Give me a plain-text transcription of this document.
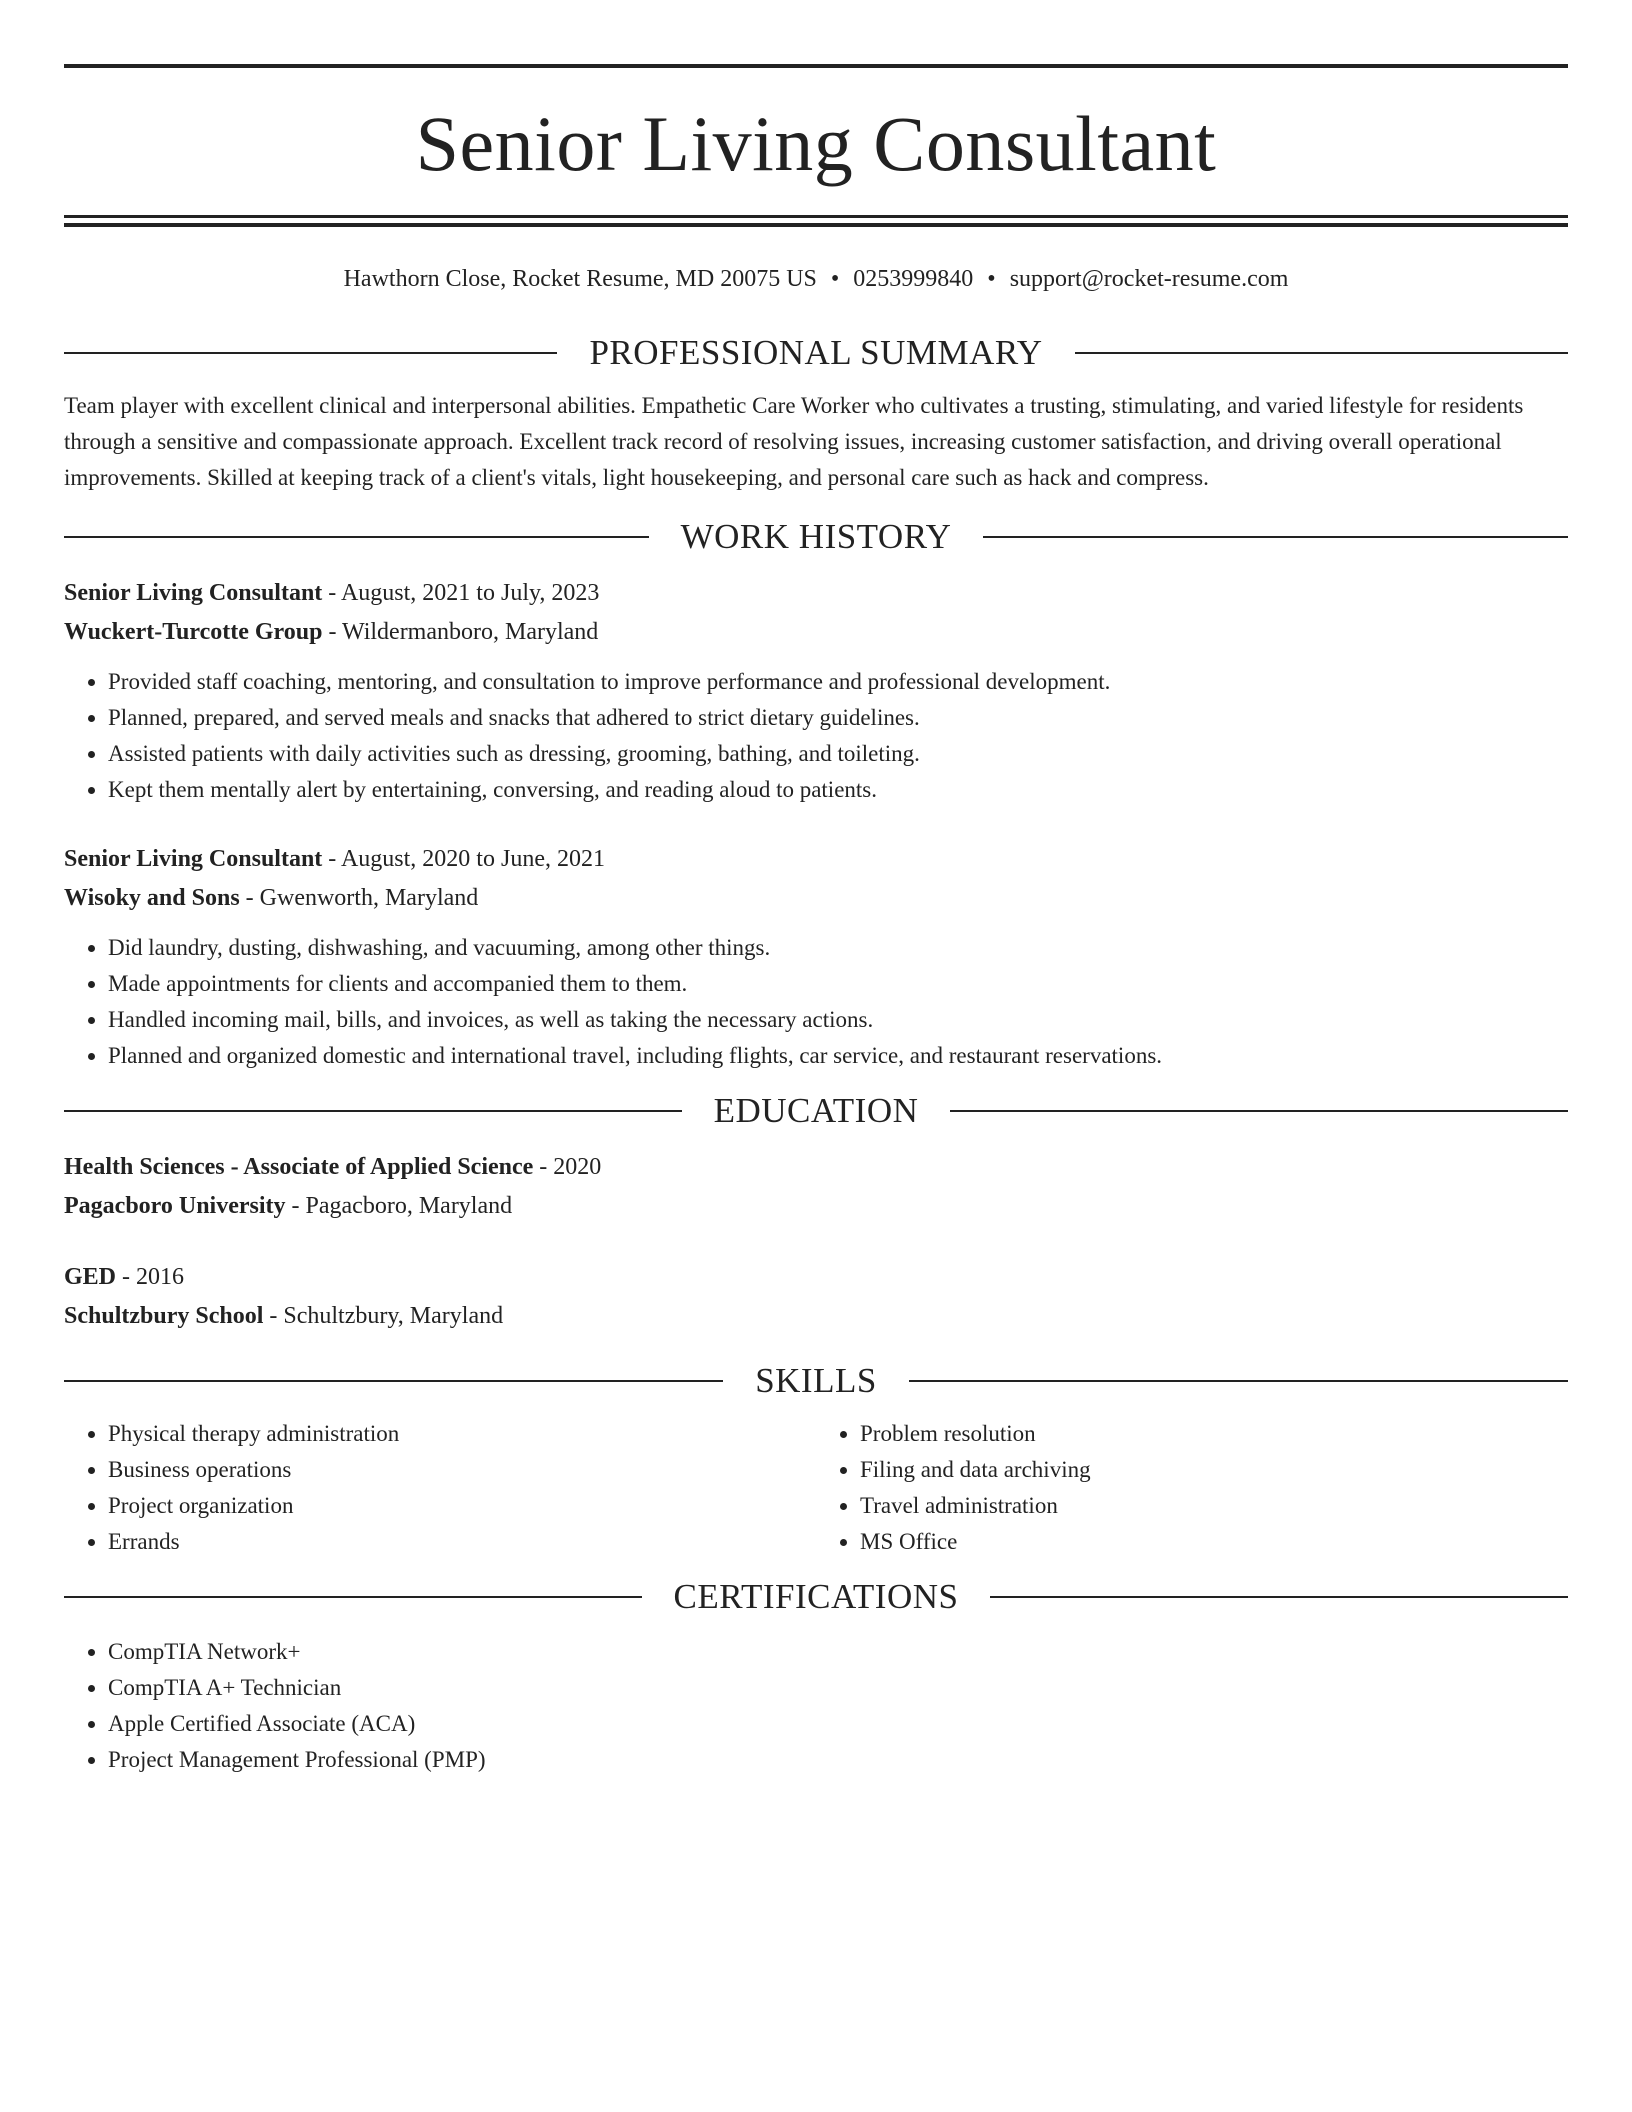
Senior Living Consultant
Hawthorn Close, Rocket Resume, MD 20075 US • 0253999840 • support@rocket-resume.com
PROFESSIONAL SUMMARY

Team player with excellent clinical and interpersonal abilities. Empathetic Care Worker who cultivates a trusting, stimulating, and varied lifestyle for residents through a sensitive and compassionate approach. Excellent track record of resolving issues, increasing customer satisfaction, and driving overall operational improvements. Skilled at keeping track of a client's vitals, light housekeeping, and personal care such as hack and compress.

WORK HISTORY
Senior Living Consultant - August, 2021 to July, 2023
Wuckert-Turcotte Group - Wildermanboro, Maryland
• Provided staff coaching, mentoring, and consultation to improve performance and professional development.
• Planned, prepared, and served meals and snacks that adhered to strict dietary guidelines.
• Assisted patients with daily activities such as dressing, grooming, bathing, and toileting.
• Kept them mentally alert by entertaining, conversing, and reading aloud to patients.
Senior Living Consultant - August, 2020 to June, 2021
Wisoky and Sons - Gwenworth, Maryland
• Did laundry, dusting, dishwashing, and vacuuming, among other things.
• Made appointments for clients and accompanied them to them.
• Handled incoming mail, bills, and invoices, as well as taking the necessary actions.
• Planned and organized domestic and international travel, including flights, car service, and restaurant reservations.
EDUCATION
Health Sciences - Associate of Applied Science - 2020
Pagacboro University - Pagacboro, Maryland
GED - 2016
Schultzbury School - Schultzbury, Maryland
SKILLS
• Physical therapy administration
• Business operations
• Project organization
• Errands
• Problem resolution
• Filing and data archiving
• Travel administration
• MS Office
CERTIFICATIONS
• CompTIA Network+
• CompTIA A+ Technician
• Apple Certified Associate (ACA)
• Project Management Professional (PMP)
